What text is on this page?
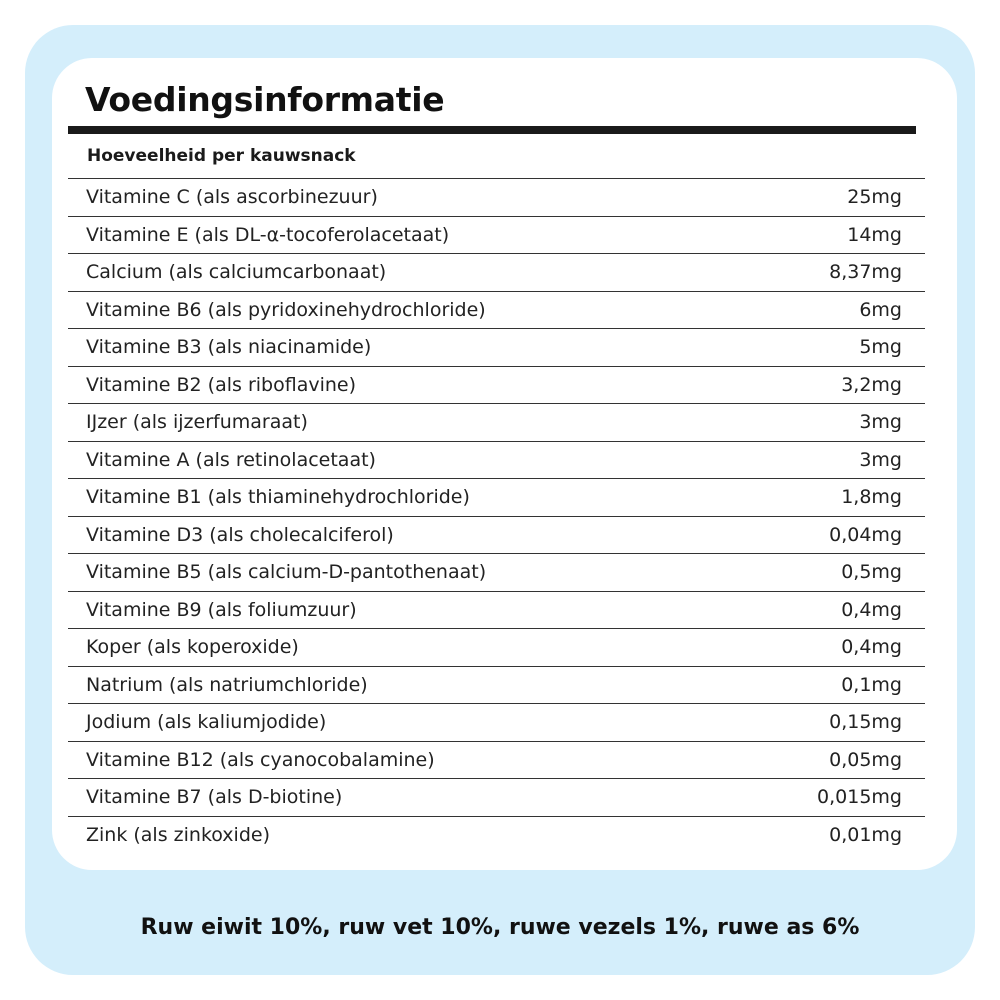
Ruw eiwit 10%, ruw vet 10%, ruwe vezels 1%, ruwe as 6%
Voedingsinformatie
Hoeveelheid per kauwsnack
Vitamine C (als ascorbinezuur)	25mg
Vitamine E (als DL-α-tocoferolacetaat)	14mg
Calcium (als calciumcarbonaat)	8,37mg
Vitamine B6 (als pyridoxinehydrochloride)	6mg
Vitamine B3 (als niacinamide)	5mg
Vitamine B2 (als riboflavine)	3,2mg
IJzer (als ijzerfumaraat)	3mg
Vitamine A (als retinolacetaat)	3mg
Vitamine B1 (als thiaminehydrochloride)	1,8mg
Vitamine D3 (als cholecalciferol)	0,04mg
Vitamine B5 (als calcium-D-pantothenaat)	0,5mg
Vitamine B9 (als foliumzuur)	0,4mg
Koper (als koperoxide)	0,4mg
Natrium (als natriumchloride)	0,1mg
Jodium (als kaliumjodide)	0,15mg
Vitamine B12 (als cyanocobalamine)	0,05mg
Vitamine B7 (als D-biotine)	0,015mg
Zink (als zinkoxide)	0,01mg
